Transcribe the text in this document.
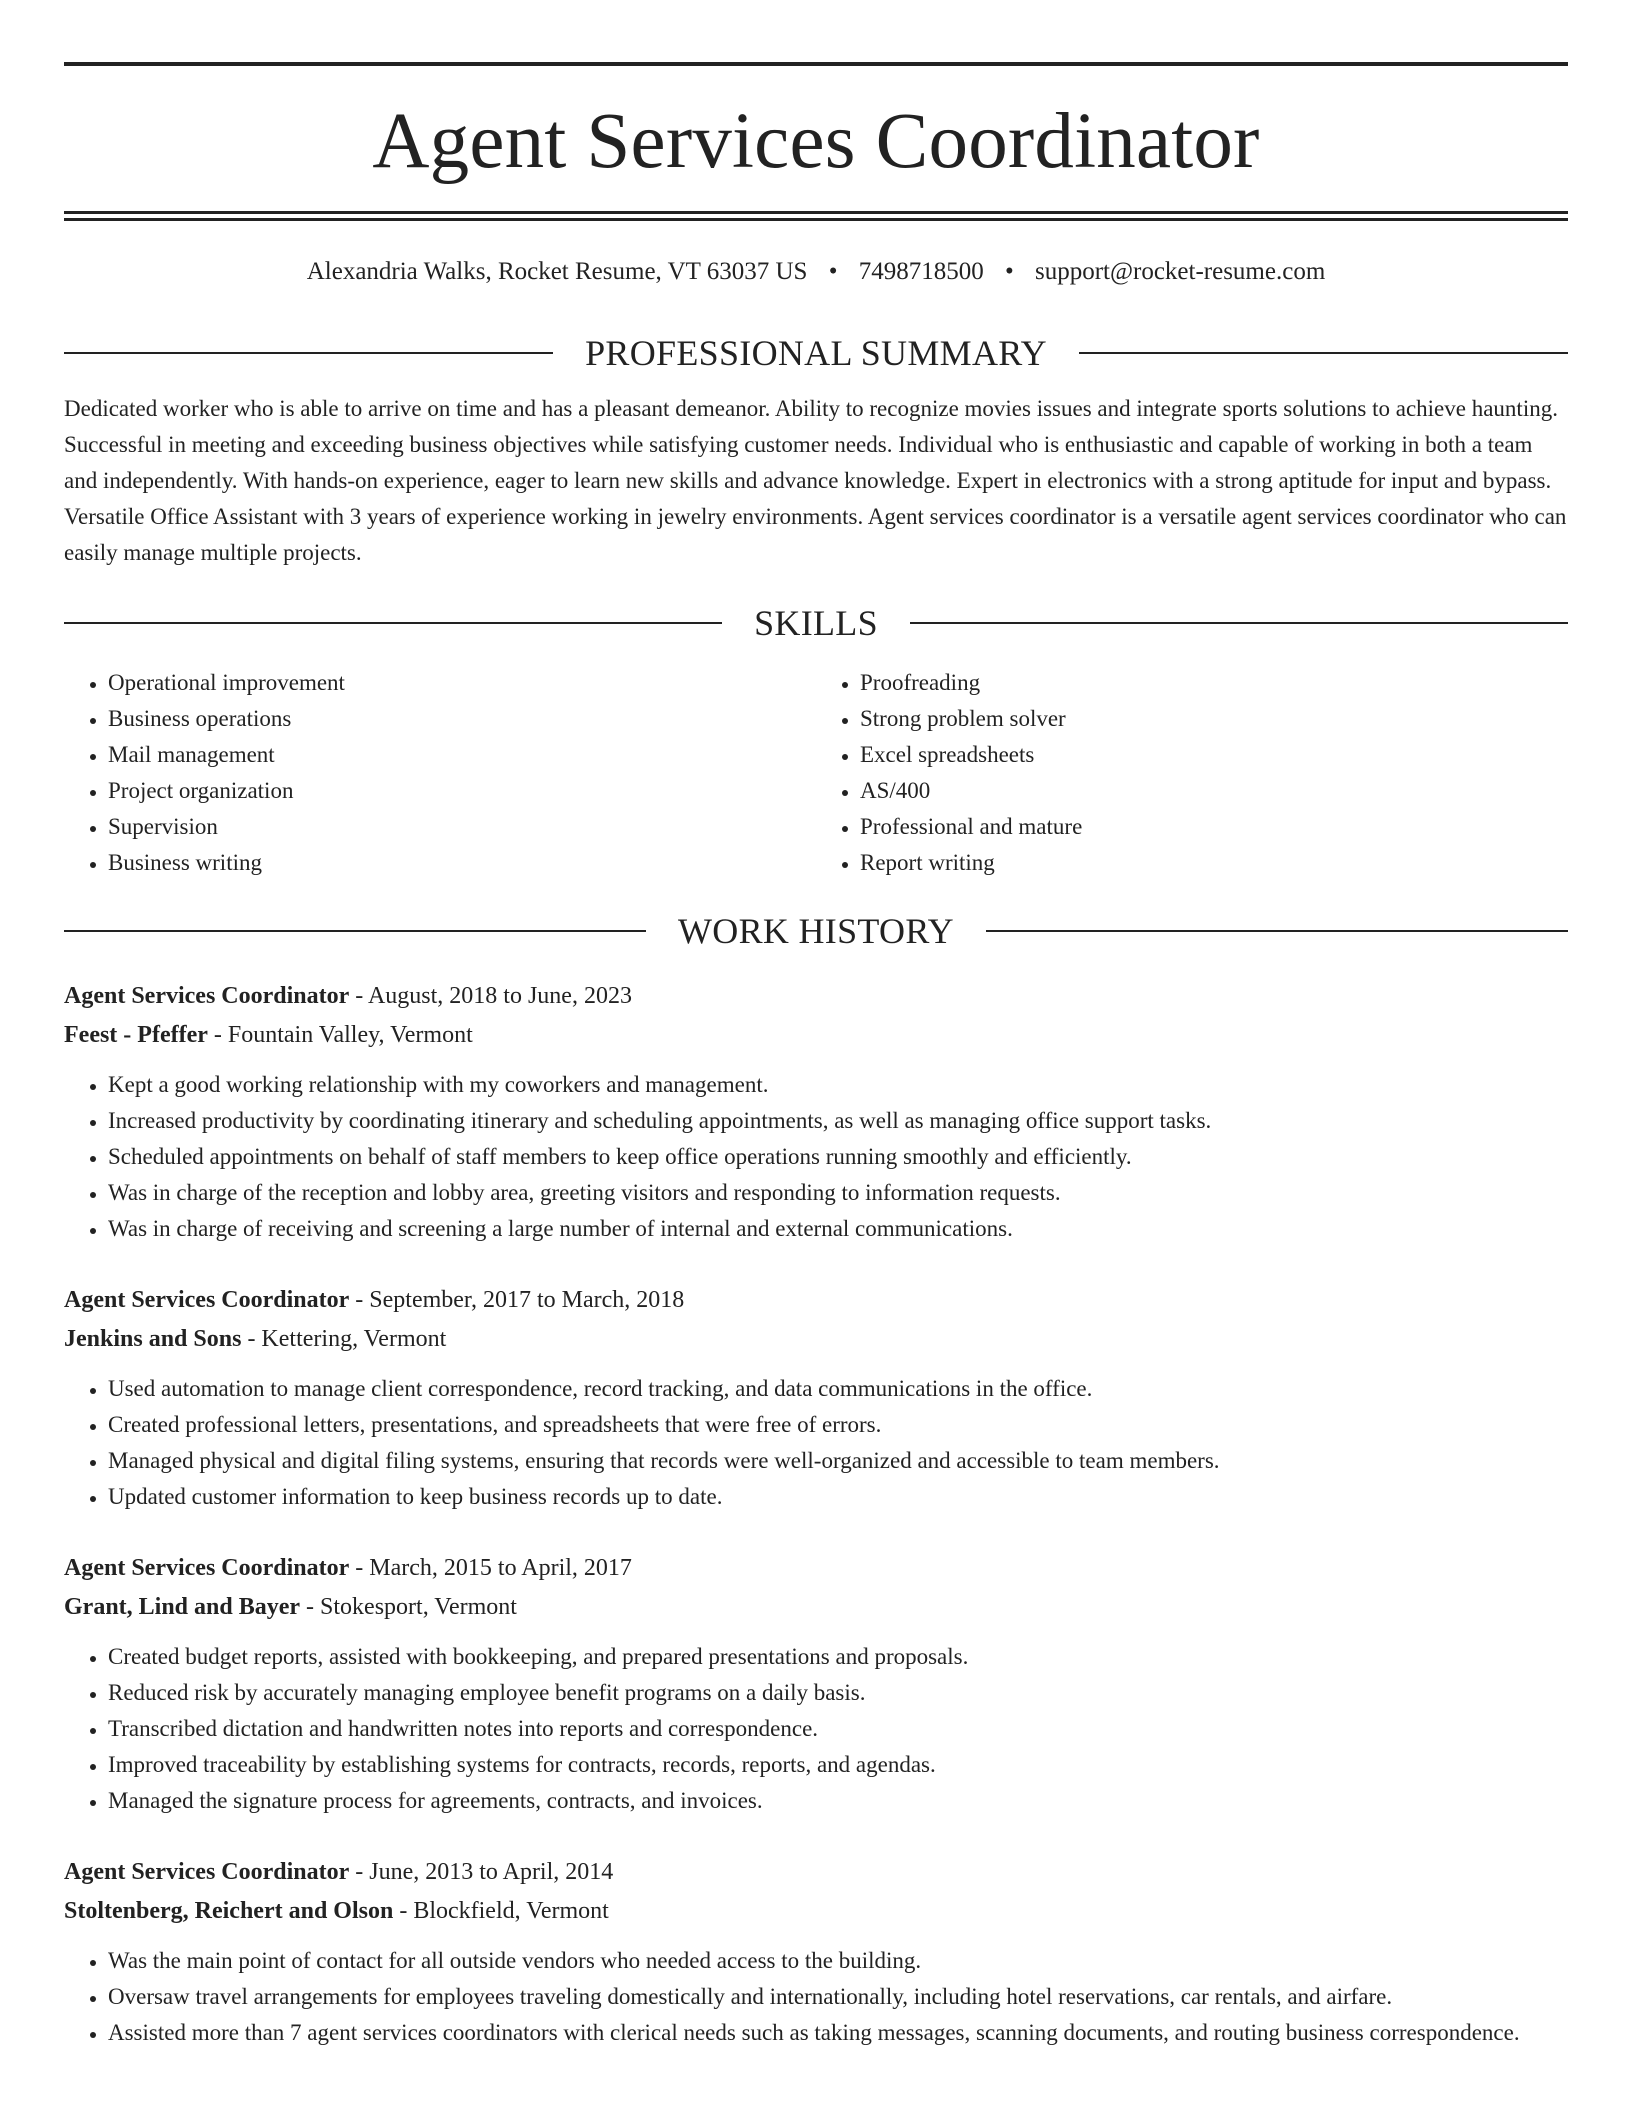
Agent Services Coordinator
Alexandria Walks, Rocket Resume, VT 63037 US • 7498718500 • support@rocket-resume.com
PROFESSIONAL SUMMARY
Dedicated worker who is able to arrive on time and has a pleasant demeanor. Ability to recognize movies issues and integrate sports solutions to achieve haunting. Successful in meeting and exceeding business objectives while satisfying customer needs. Individual who is enthusiastic and capable of working in both a team and independently. With hands-on experience, eager to learn new skills and advance knowledge. Expert in electronics with a strong aptitude for input and bypass. Versatile Office Assistant with 3 years of experience working in jewelry environments. Agent services coordinator is a versatile agent services coordinator who can easily manage multiple projects.
SKILLS
• Operational improvement
• Business operations
• Mail management
• Project organization
• Supervision
• Business writing
• Proofreading
• Strong problem solver
• Excel spreadsheets
• AS/400
• Professional and mature
• Report writing
WORK HISTORY
Agent Services Coordinator - August, 2018 to June, 2023
Feest - Pfeffer - Fountain Valley, Vermont
• Kept a good working relationship with my coworkers and management.
• Increased productivity by coordinating itinerary and scheduling appointments, as well as managing office support tasks.
• Scheduled appointments on behalf of staff members to keep office operations running smoothly and efficiently.
• Was in charge of the reception and lobby area, greeting visitors and responding to information requests.
• Was in charge of receiving and screening a large number of internal and external communications.
Agent Services Coordinator - September, 2017 to March, 2018
Jenkins and Sons - Kettering, Vermont
• Used automation to manage client correspondence, record tracking, and data communications in the office.
• Created professional letters, presentations, and spreadsheets that were free of errors.
• Managed physical and digital filing systems, ensuring that records were well-organized and accessible to team members.
• Updated customer information to keep business records up to date.
Agent Services Coordinator - March, 2015 to April, 2017
Grant, Lind and Bayer - Stokesport, Vermont
• Created budget reports, assisted with bookkeeping, and prepared presentations and proposals.
• Reduced risk by accurately managing employee benefit programs on a daily basis.
• Transcribed dictation and handwritten notes into reports and correspondence.
• Improved traceability by establishing systems for contracts, records, reports, and agendas.
• Managed the signature process for agreements, contracts, and invoices.
Agent Services Coordinator - June, 2013 to April, 2014
Stoltenberg, Reichert and Olson - Blockfield, Vermont
• Was the main point of contact for all outside vendors who needed access to the building.
• Oversaw travel arrangements for employees traveling domestically and internationally, including hotel reservations, car rentals, and airfare.
• Assisted more than 7 agent services coordinators with clerical needs such as taking messages, scanning documents, and routing business correspondence.
